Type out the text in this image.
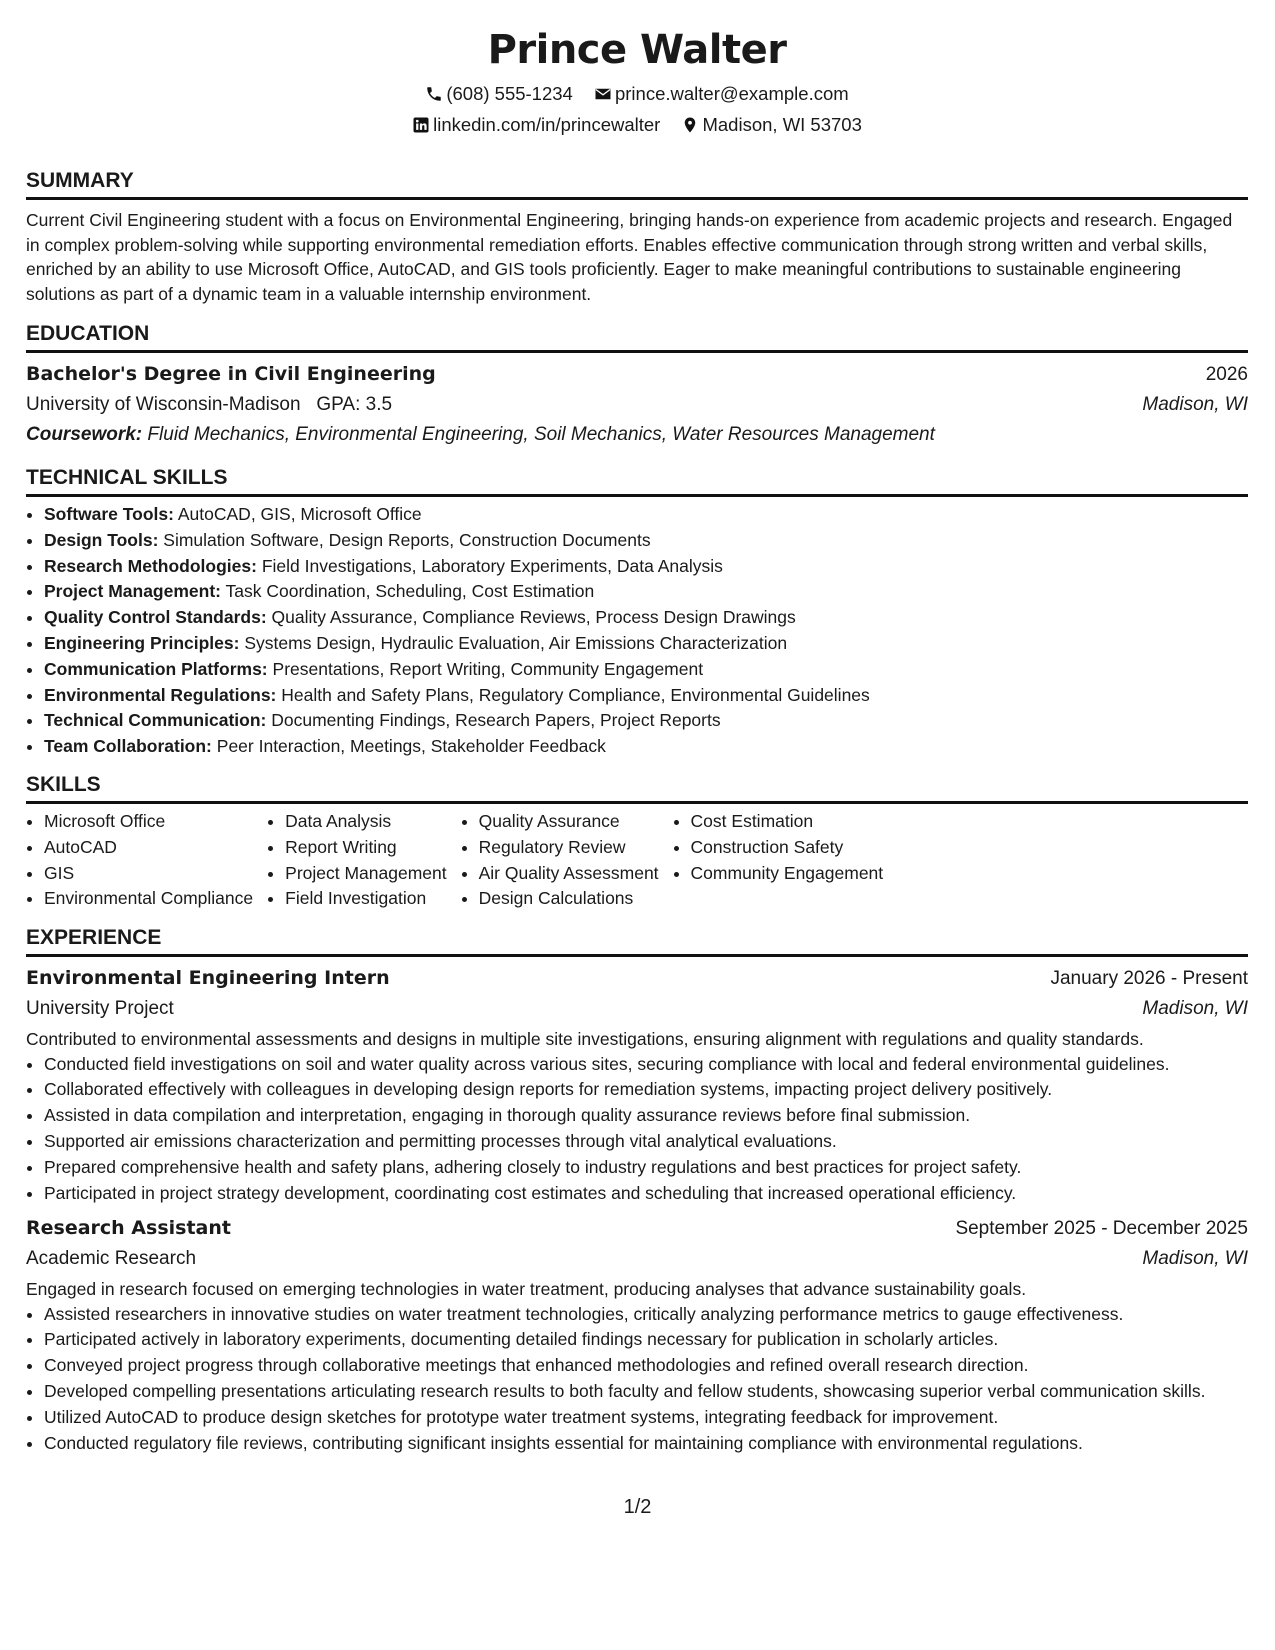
Prince Walter
(608) 555-1234 prince.walter@example.com
linkedin.com/in/princewalter Madison, WI 53703
SUMMARY

Current Civil Engineering student with a focus on Environmental Engineering, bringing hands-on experience from academic projects and research. Engaged in complex problem-solving while supporting environmental remediation efforts. Enables effective communication through strong written and verbal skills, enriched by an ability to use Microsoft Office, AutoCAD, and GIS tools proficiently. Eager to make meaningful contributions to sustainable engineering solutions as part of a dynamic team in a valuable internship environment.

EDUCATION
Bachelor's Degree in Civil Engineering	2026
University of Wisconsin-Madison GPA: 3.5	Madison, WI
Coursework: Fluid Mechanics, Environmental Engineering, Soil Mechanics, Water Resources Management
TECHNICAL SKILLS
• Software Tools: AutoCAD, GIS, Microsoft Office
• Design Tools: Simulation Software, Design Reports, Construction Documents
• Research Methodologies: Field Investigations, Laboratory Experiments, Data Analysis
• Project Management: Task Coordination, Scheduling, Cost Estimation
• Quality Control Standards: Quality Assurance, Compliance Reviews, Process Design Drawings
• Engineering Principles: Systems Design, Hydraulic Evaluation, Air Emissions Characterization
• Communication Platforms: Presentations, Report Writing, Community Engagement
• Environmental Regulations: Health and Safety Plans, Regulatory Compliance, Environmental Guidelines
• Technical Communication: Documenting Findings, Research Papers, Project Reports
• Team Collaboration: Peer Interaction, Meetings, Stakeholder Feedback
SKILLS
• Microsoft Office
• AutoCAD
• GIS
• Environmental Compliance
• Data Analysis
• Report Writing
• Project Management
• Field Investigation
• Quality Assurance
• Regulatory Review
• Air Quality Assessment
• Design Calculations
• Cost Estimation
• Construction Safety
• Community Engagement
EXPERIENCE
Environmental Engineering Intern	January 2026 - Present
University Project	Madison, WI
Contributed to environmental assessments and designs in multiple site investigations, ensuring alignment with regulations and quality standards.
• Conducted field investigations on soil and water quality across various sites, securing compliance with local and federal environmental guidelines.
• Collaborated effectively with colleagues in developing design reports for remediation systems, impacting project delivery positively.
• Assisted in data compilation and interpretation, engaging in thorough quality assurance reviews before final submission.
• Supported air emissions characterization and permitting processes through vital analytical evaluations.
• Prepared comprehensive health and safety plans, adhering closely to industry regulations and best practices for project safety.
• Participated in project strategy development, coordinating cost estimates and scheduling that increased operational efficiency.
Research Assistant	September 2025 - December 2025
Academic Research	Madison, WI
Engaged in research focused on emerging technologies in water treatment, producing analyses that advance sustainability goals.
• Assisted researchers in innovative studies on water treatment technologies, critically analyzing performance metrics to gauge effectiveness.
• Participated actively in laboratory experiments, documenting detailed findings necessary for publication in scholarly articles.
• Conveyed project progress through collaborative meetings that enhanced methodologies and refined overall research direction.
• Developed compelling presentations articulating research results to both faculty and fellow students, showcasing superior verbal communication skills.
• Utilized AutoCAD to produce design sketches for prototype water treatment systems, integrating feedback for improvement.
• Conducted regulatory file reviews, contributing significant insights essential for maintaining compliance with environmental regulations.
1/2
